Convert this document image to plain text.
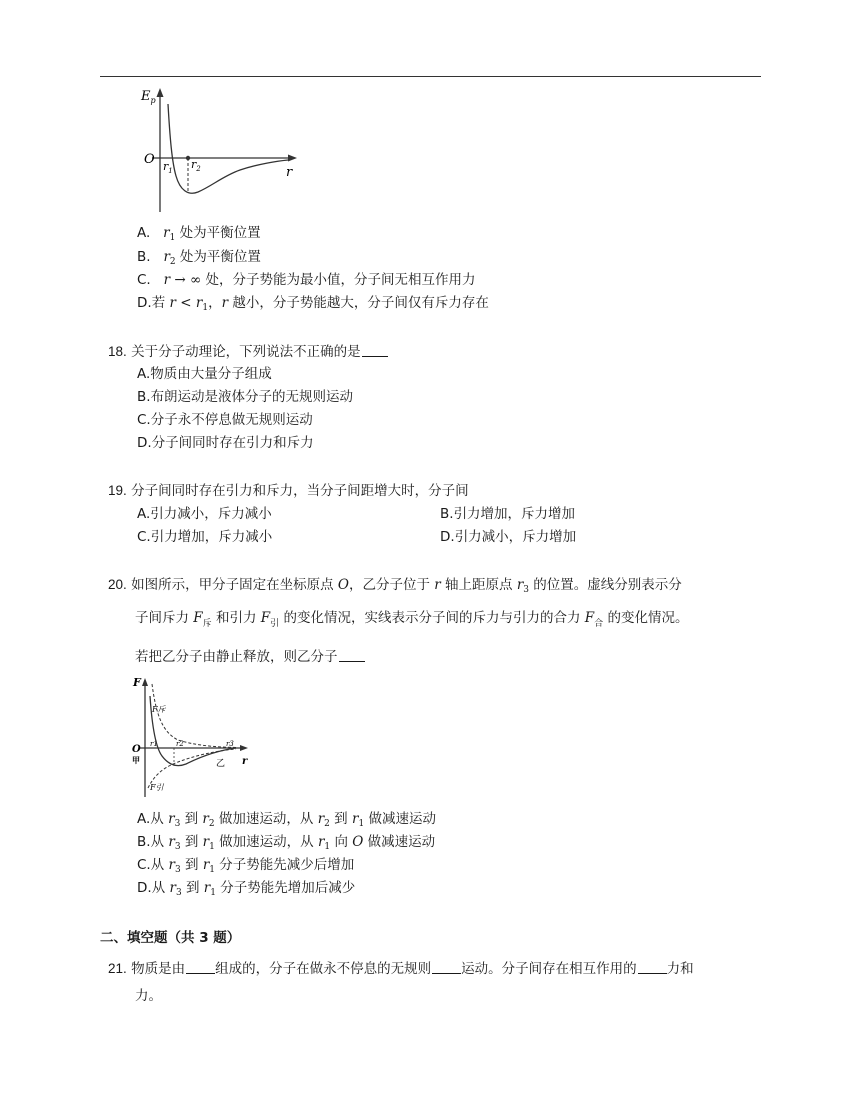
$E_p$
O
r
$r_1$ $r_2$
A. $r_1$ 处为平衡位置
B. $r_2$ 处为平衡位置
C. r → ∞ 处，分子势能为最小值，分子间无相互作用力
D.若 $r < r_1$，r 越小，分子势能越大，分子间仅有斥力存在
18. 关于分子动理论，下列说法不正确的是
A.物质由大量分子组成
B.布朗运动是液体分子的无规则运动
C.分子永不停息做无规则运动
D.分子间同时存在引力和斥力
19. 分子间同时存在引力和斥力，当分子间距增大时，分子间
A.引力减小，斥力减小	B.引力增加，斥力增加
C.引力增加，斥力减小	D.引力减小，斥力增加
20. 如图所示，甲分子固定在坐标原点 O，乙分子位于 r 轴上距原点 $r_3$ 的位置。虚线分别表示分
子间斥力 $F_斥$ 和引力 $F_引$ 的变化情况，实线表示分子间的斥力与引力的合力 $F_合$ 的变化情况。
若把乙分子由静止释放，则乙分子
F
F斥
F引
O
甲	乙 r
r1	r2	r3
A.从 $r_3$ 到 $r_2$ 做加速运动，从 $r_2$ 到 $r_1$ 做减速运动
B.从 $r_3$ 到 $r_1$ 做加速运动，从 $r_1$ 向 O 做减速运动
C.从 $r_3$ 到 $r_1$ 分子势能先减少后增加
D.从 $r_3$ 到 $r_1$ 分子势能先增加后减少
二、填空题（共 3 题）
21. 物质是由 组成的，分子在做永不停息的无规则 运动。分子间存在相互作用的 力和
力。
